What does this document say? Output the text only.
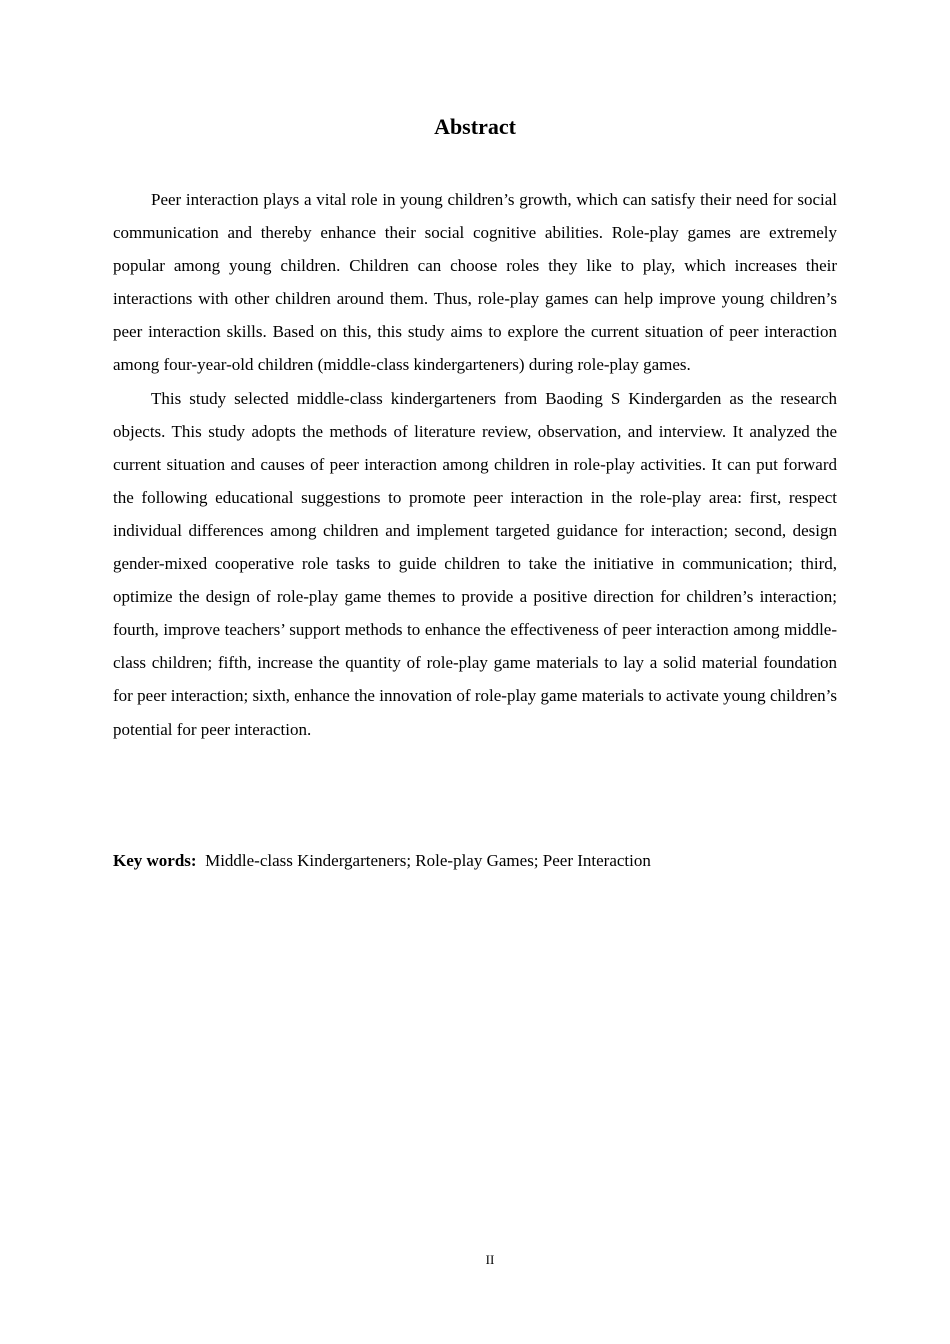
Abstract

Peer interaction plays a vital role in young children’s growth, which can satisfy their need for social communication and thereby enhance their social cognitive abilities. Role-play games are extremely popular among young children. Children can choose roles they like to play, which increases their interactions with other children around them. Thus, role-play games can help improve young children’s peer interaction skills. Based on this, this study aims to explore the current situation of peer interaction among four-year-old children (middle-class kindergarteners) during role-play games.

This study selected middle-class kindergarteners from Baoding S Kindergarden as the research objects. This study adopts the methods of literature review, observation, and interview. It analyzed the current situation and causes of peer interaction among children in role-play activities. It can put forward the following educational suggestions to promote peer interaction in the role-play area: first, respect individual differences among children and implement targeted guidance for interaction; second, design gender-mixed cooperative role tasks to guide children to take the initiative in communication; third, optimize the design of role-play game themes to provide a positive direction for children’s interaction; fourth, improve teachers’ support methods to enhance the effectiveness of peer interaction among middle-class children; fifth, increase the quantity of role-play game materials to lay a solid material foundation for peer interaction; sixth, enhance the innovation of role-play game materials to activate young children’s potential for peer interaction.

Key words: Middle-class Kindergarteners; Role-play Games; Peer Interaction
II
